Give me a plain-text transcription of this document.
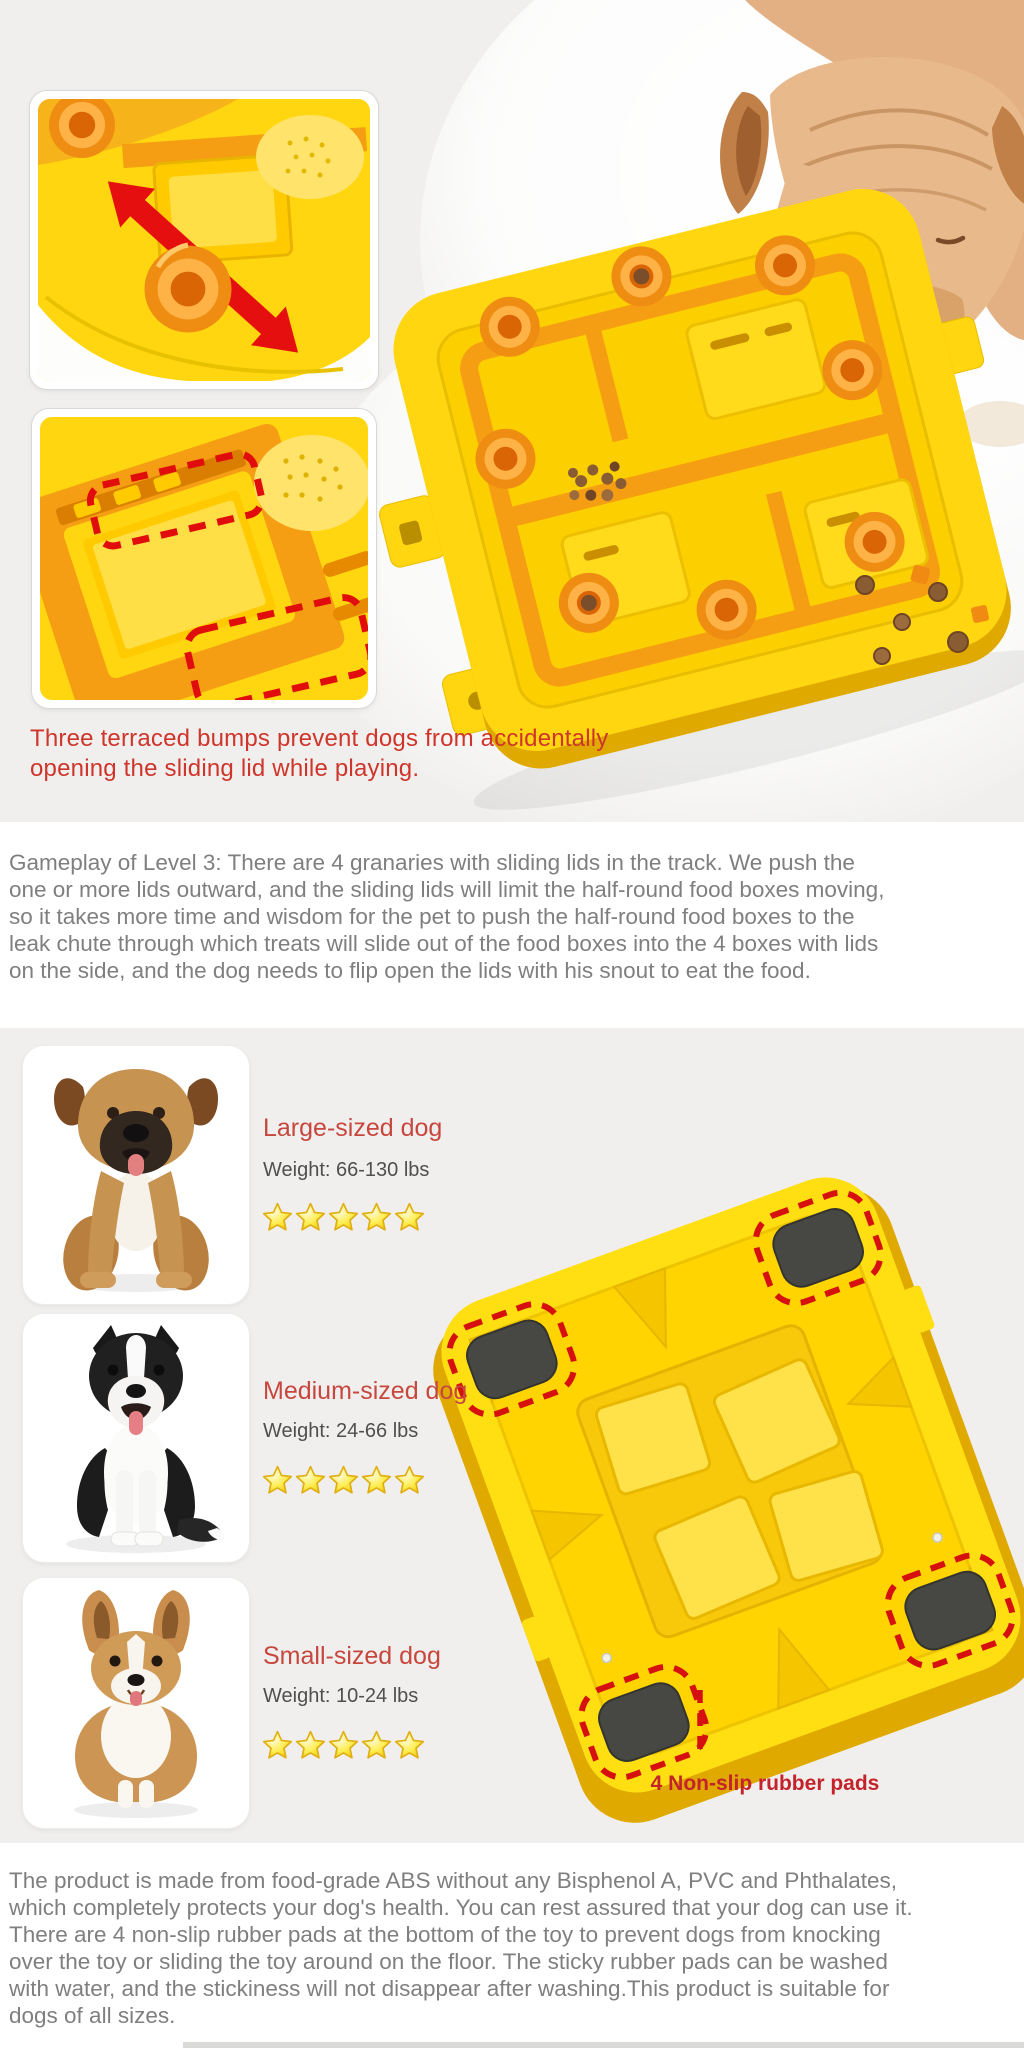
Three terraced bumps prevent dogs from accidentally
opening the sliding lid while playing.
Gameplay of Level 3: There are 4 granaries with sliding lids in the track. We push the
one or more lids outward, and the sliding lids will limit the half-round food boxes moving,
so it takes more time and wisdom for the pet to push the half-round food boxes to the
leak chute through which treats will slide out of the food boxes into the 4 boxes with lids
on the side, and the dog needs to flip open the lids with his snout to eat the food.
Large-sized dog
Weight: 66-130 lbs
Medium-sized dog
Weight: 24-66 lbs
Small-sized dog
Weight: 10-24 lbs
4 Non-slip rubber pads
The product is made from food-grade ABS without any Bisphenol A, PVC and Phthalates,
which completely protects your dog's health. You can rest assured that your dog can use it.
There are 4 non-slip rubber pads at the bottom of the toy to prevent dogs from knocking
over the toy or sliding the toy around on the floor. The sticky rubber pads can be washed
with water, and the stickiness will not disappear after washing.This product is suitable for
dogs of all sizes.
